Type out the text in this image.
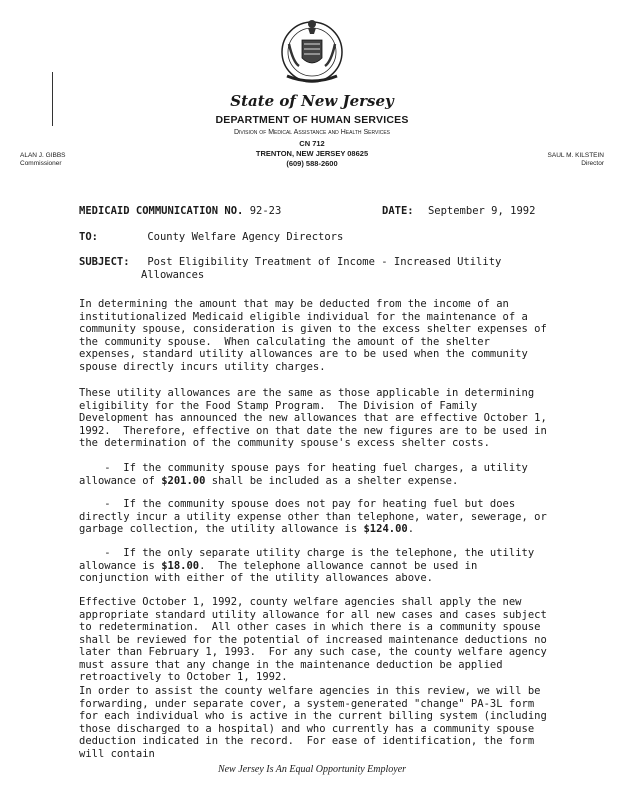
State of New Jersey
DEPARTMENT OF HUMAN SERVICES
Division of Medical Assistance and Health Services
CN 712
TRENTON, NEW JERSEY 08625
(609) 588-2600
ALAN J. GIBBS
Commissioner
SAUL M. KILSTEIN
Director
MEDICAID COMMUNICATION NO. 92-23	DATE: September 9, 1992
TO:	County Welfare Agency Directors
SUBJECT: Post Eligibility Treatment of Income - Increased Utility
Allowances
In determining the amount that may be deducted from the income of an institutionalized Medicaid eligible individual for the maintenance of a community spouse, consideration is given to the excess shelter expenses of the community spouse.  When calculating the amount of the shelter expenses, standard utility allowances are to be used when the community spouse directly incurs utility charges.
These utility allowances are the same as those applicable in determining eligibility for the Food Stamp Program.  The Division of Family Development has announced the new allowances that are effective October 1, 1992.  Therefore, effective on that date the new figures are to be used in the determination of the community spouse's excess shelter costs.
-  If the community spouse pays for heating fuel charges, a utility allowance of $201.00 shall be included as a shelter expense.
-  If the community spouse does not pay for heating fuel but does directly incur a utility expense other than telephone, water, sewerage, or garbage collection, the utility allowance is $124.00.
-  If the only separate utility charge is the telephone, the utility allowance is $18.00.  The telephone allowance cannot be used in conjunction with either of the utility allowances above.
Effective October 1, 1992, county welfare agencies shall apply the new appropriate standard utility allowance for all new cases and cases subject to redetermination.  All other cases in which there is a community spouse shall be reviewed for the potential of increased maintenance deductions no later than February 1, 1993.  For any such case, the county welfare agency must assure that any change in the maintenance deduction be applied retroactively to October 1, 1992.
In order to assist the county welfare agencies in this review, we will be forwarding, under separate cover, a system-generated "change" PA-3L form for each individual who is active in the current billing system (including those discharged to a hospital) and who currently has a community spouse deduction indicated in the record.  For ease of identification, the form will contain
New Jersey Is An Equal Opportunity Employer
